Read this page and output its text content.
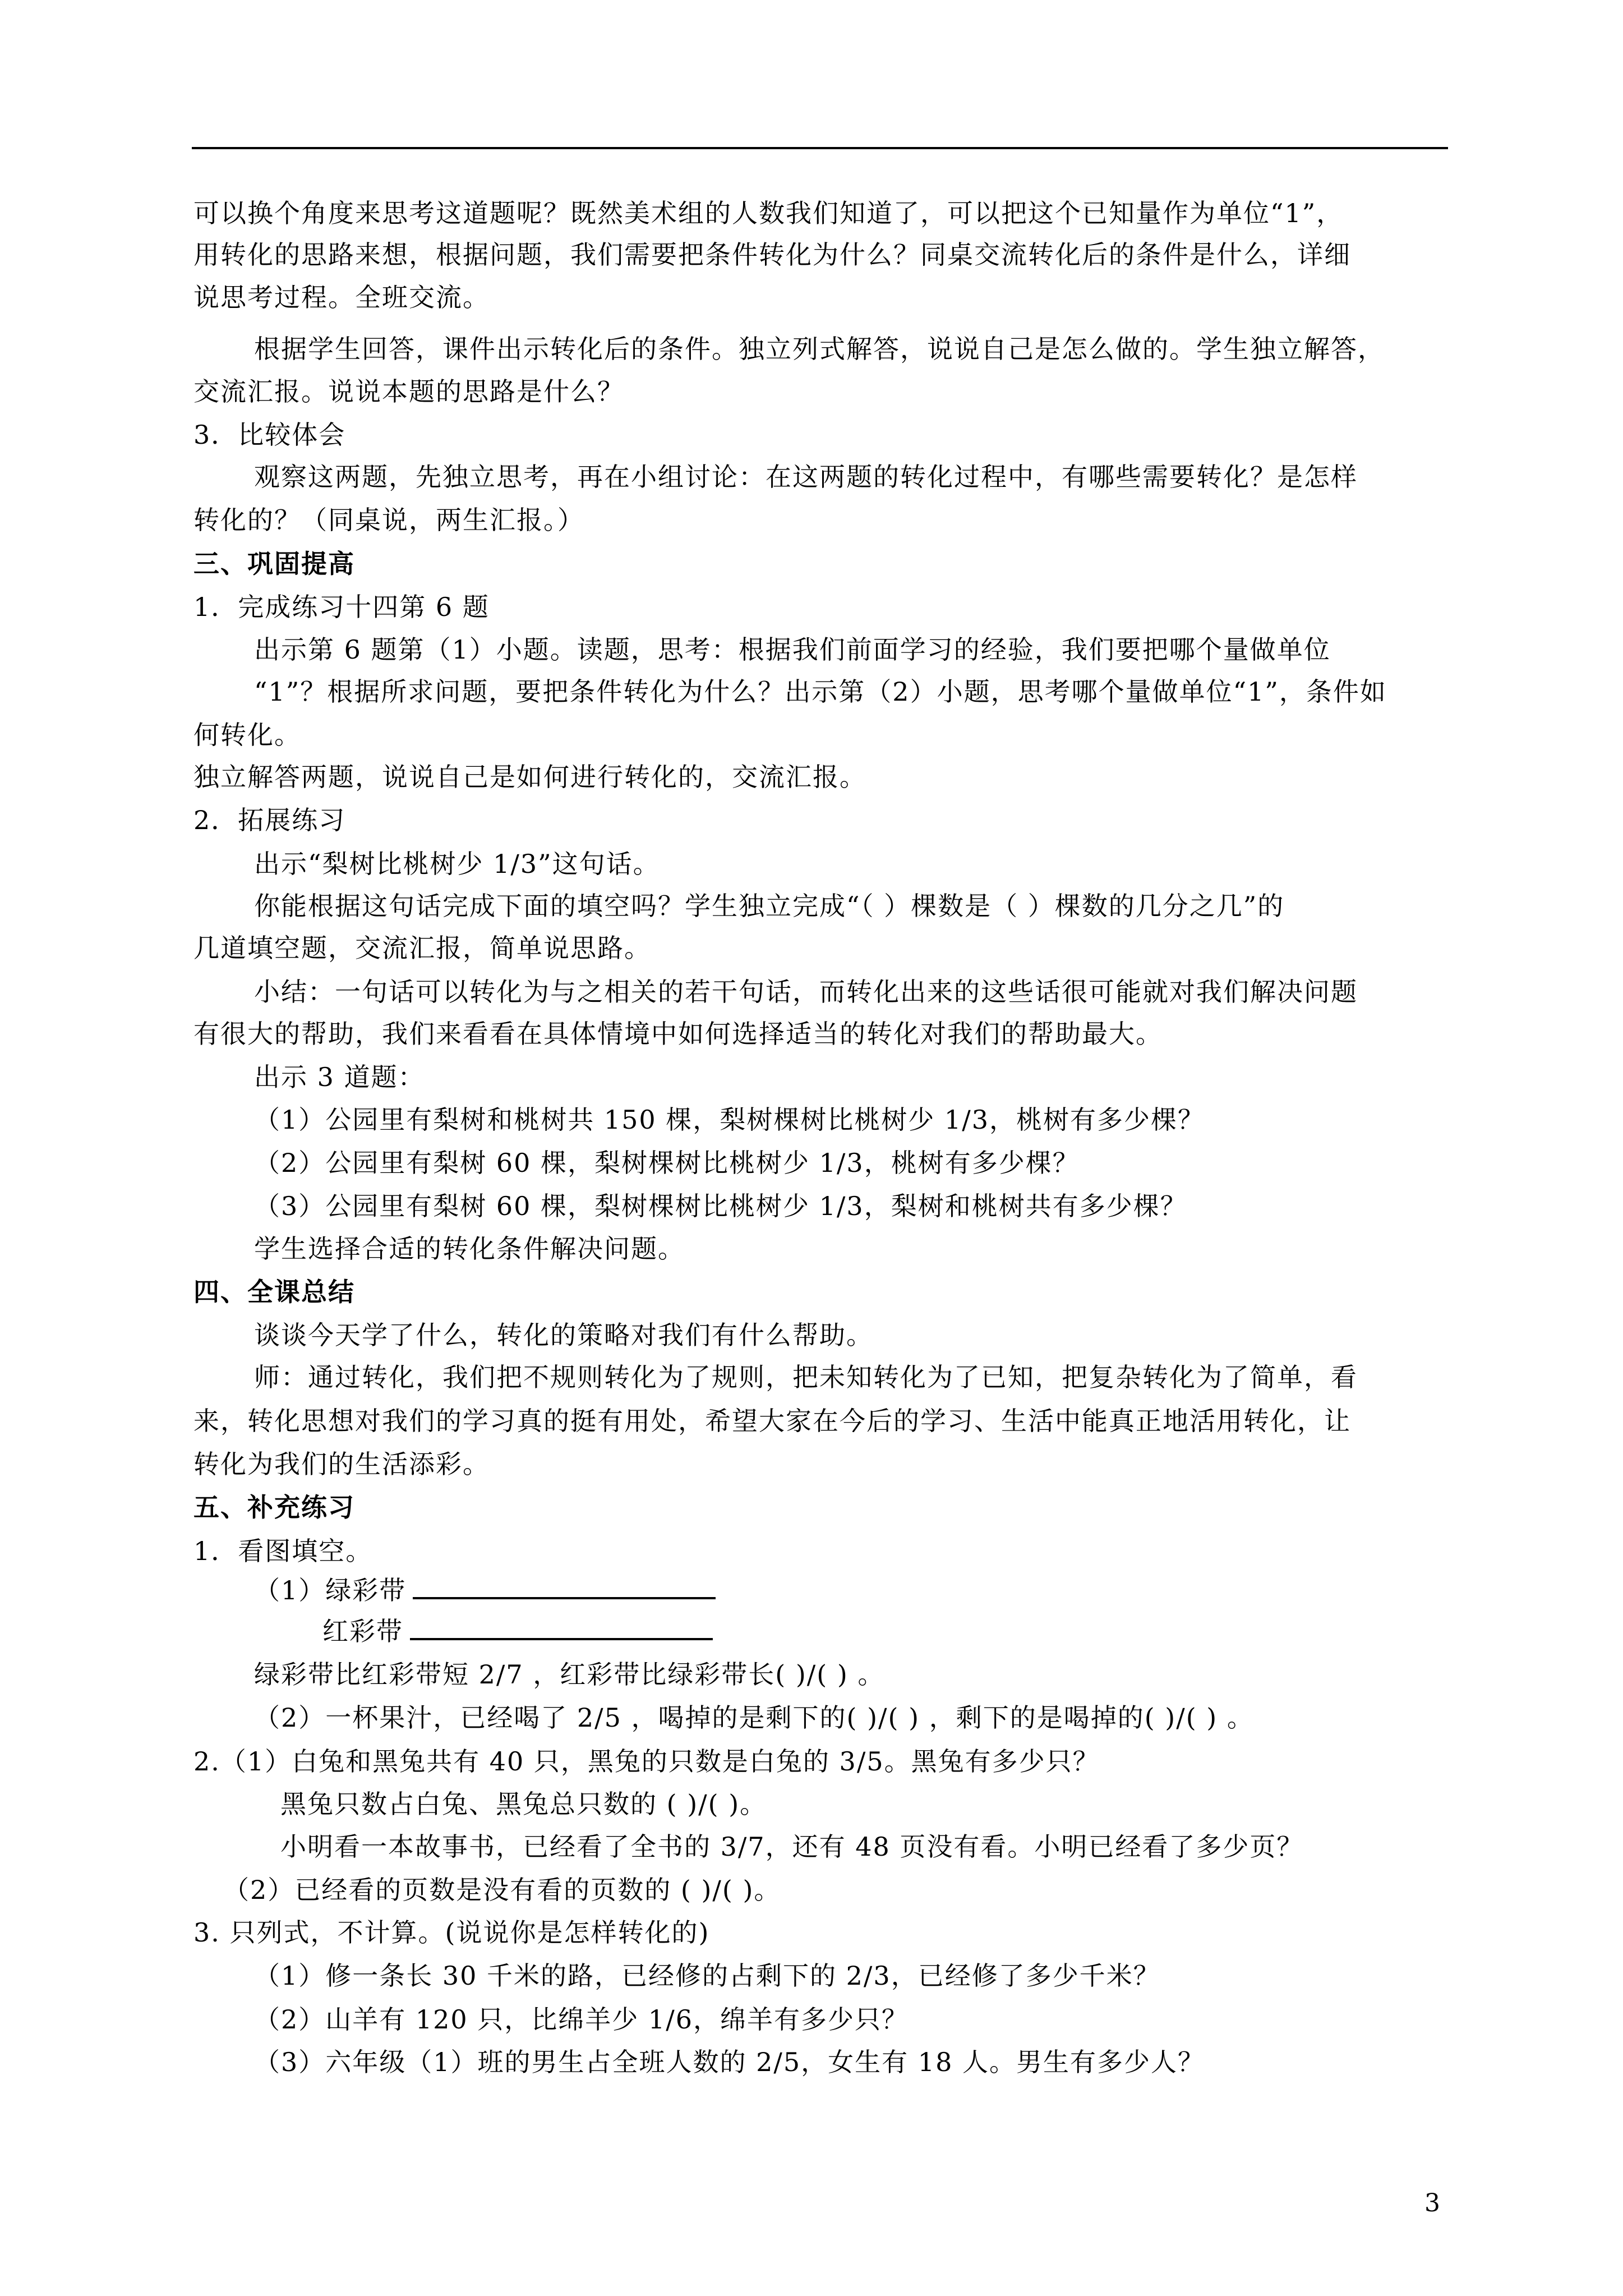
可以换个角度来思考这道题呢？既然美术组的人数我们知道了，可以把这个已知量作为单位“1”，
用转化的思路来想，根据问题，我们需要把条件转化为什么？同桌交流转化后的条件是什么，详细
说思考过程。全班交流。
根据学生回答，课件出示转化后的条件。独立列式解答，说说自己是怎么做的。学生独立解答，
交流汇报。说说本题的思路是什么？
3．比较体会
观察这两题，先独立思考，再在小组讨论：在这两题的转化过程中，有哪些需要转化？是怎样
转化的？（同桌说，两生汇报。）
三、巩固提高
1．完成练习十四第 6 题
出示第 6 题第（1）小题。读题，思考：根据我们前面学习的经验，我们要把哪个量做单位
“1”？根据所求问题，要把条件转化为什么？出示第（2）小题，思考哪个量做单位“1”，条件如
何转化。
独立解答两题，说说自己是如何进行转化的，交流汇报。
2．拓展练习
出示“梨树比桃树少 1/3”这句话。
你能根据这句话完成下面的填空吗？学生独立完成“（ ）棵数是（ ）棵数的几分之几”的
几道填空题，交流汇报，简单说思路。
小结：一句话可以转化为与之相关的若干句话，而转化出来的这些话很可能就对我们解决问题
有很大的帮助，我们来看看在具体情境中如何选择适当的转化对我们的帮助最大。
出示 3 道题：
（1）公园里有梨树和桃树共 150 棵，梨树棵树比桃树少 1/3，桃树有多少棵？
（2）公园里有梨树 60 棵，梨树棵树比桃树少 1/3，桃树有多少棵？
（3）公园里有梨树 60 棵，梨树棵树比桃树少 1/3，梨树和桃树共有多少棵？
学生选择合适的转化条件解决问题。
四、全课总结
谈谈今天学了什么，转化的策略对我们有什么帮助。
师：通过转化，我们把不规则转化为了规则，把未知转化为了已知，把复杂转化为了简单，看
来，转化思想对我们的学习真的挺有用处，希望大家在今后的学习、生活中能真正地活用转化，让
转化为我们的生活添彩。
五、补充练习
1．看图填空。
（1）绿彩带
红彩带
绿彩带比红彩带短 2/7 ，红彩带比绿彩带长( )/( ) 。
（2）一杯果汁，已经喝了 2/5 ，喝掉的是剩下的( )/( ) ，剩下的是喝掉的( )/( ) 。
2.（1）白兔和黑兔共有 40 只，黑兔的只数是白兔的 3/5。黑兔有多少只？
黑兔只数占白兔、黑兔总只数的 ( )/( )。
小明看一本故事书，已经看了全书的 3/7，还有 48 页没有看。小明已经看了多少页？
（2）已经看的页数是没有看的页数的 ( )/( )。
3. 只列式，不计算。(说说你是怎样转化的)
（1）修一条长 30 千米的路，已经修的占剩下的 2/3，已经修了多少千米？
（2）山羊有 120 只，比绵羊少 1/6，绵羊有多少只？
（3）六年级（1）班的男生占全班人数的 2/5，女生有 18 人。男生有多少人？
3
